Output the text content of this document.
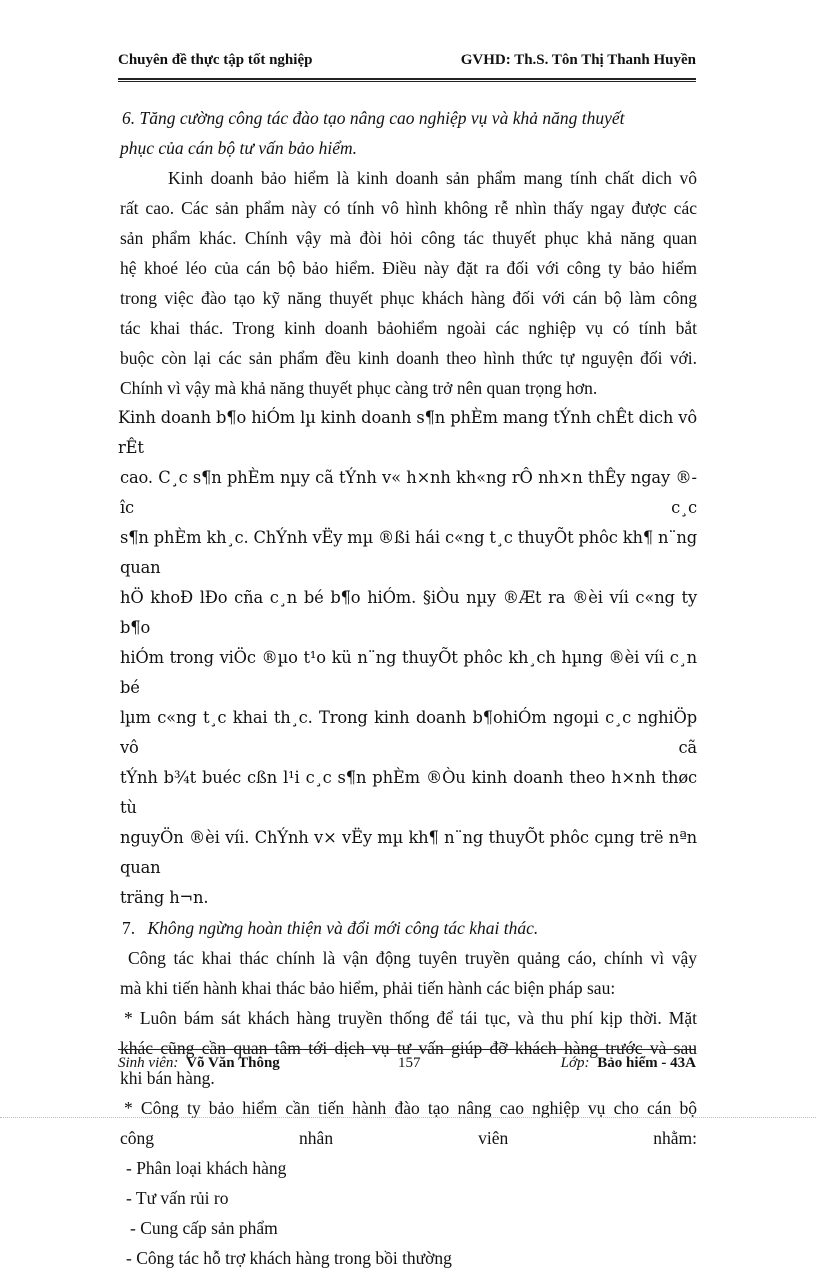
Chuyên đề thực tập tốt nghiệp	GVHD: Th.S. Tôn Thị Thanh Huyền
6. Tăng cường công tác đào tạo nâng cao nghiệp vụ và khả năng thuyết
phục của cán bộ tư vấn bảo hiểm.
Kinh doanh bảo hiểm là kinh doanh sản phẩm mang tính chất dich vô
rất cao. Các sản phẩm này có tính vô hình không rễ nhìn thấy ngay được các
sản phẩm khác. Chính vậy mà đòi hỏi công tác thuyết phục khả năng quan
hệ khoé léo của cán bộ bảo hiểm. Điều này đặt ra đối với công ty bảo hiểm
trong việc đào tạo kỹ năng thuyết phục khách hàng đối với cán bộ làm công
tác khai thác. Trong kinh doanh bảohiểm ngoài các nghiệp vụ có tính bắt
buộc còn lại các sản phẩm đều kinh doanh theo hình thức tự nguyện đối với.
Chính vì vậy mà khả năng thuyết phục càng trở nên quan trọng hơn.
Kinh doanh b¶o hiÓm lµ kinh doanh s¶n phÈm mang tÝnh chÊt dich vô rÊt
cao. C¸c s¶n phÈm nµy cã tÝnh v« h×nh kh«ng rÔ nh×n thÊy ngay ®îc c¸c
s¶n phÈm kh¸c. ChÝnh vËy mµ ®ßi hái c«ng t¸c thuyÕt phôc kh¶ n¨ng quan
hÖ khoÐ lÐo cña c¸n bé b¶o hiÓm. §iÒu nµy ®Æt ra ®èi víi c«ng ty b¶o
hiÓm trong viÖc ®µo t¹o kü n¨ng thuyÕt phôc kh¸ch hµng ®èi víi c¸n bé
lµm c«ng t¸c khai th¸c. Trong kinh doanh b¶ohiÓm ngoµi c¸c nghiÖp vô cã
tÝnh b¾t buéc cßn l¹i c¸c s¶n phÈm ®Òu kinh doanh theo h×nh thøc tù
nguyÖn ®èi víi. ChÝnh v× vËy mµ kh¶ n¨ng thuyÕt phôc cµng trë nªn quan
träng h¬n.
7. Không ngừng hoàn thiện và đổi mới công tác khai thác.
Công tác khai thác chính là vận động tuyên truyền quảng cáo, chính vì vậy
mà khi tiến hành khai thác bảo hiểm, phải tiến hành các biện pháp sau:
* Luôn bám sát khách hàng truyền thống để tái tục, và thu phí kịp thời. Mặt
khác cũng cần quan tâm tới dịch vụ tư vấn giúp đỡ khách hàng trước và sau
khi bán hàng.
* Công ty bảo hiểm cần tiến hành đào tạo nâng cao nghiệp vụ cho cán bộ
công nhân viên nhằm:
- Phân loại khách hàng
- Tư vấn rủi ro
- Cung cấp sản phẩm
- Công tác hỗ trợ khách hàng trong bồi thường
Sinh viên: Võ Văn Thông	157	Lớp: Bảo hiểm - 43A
